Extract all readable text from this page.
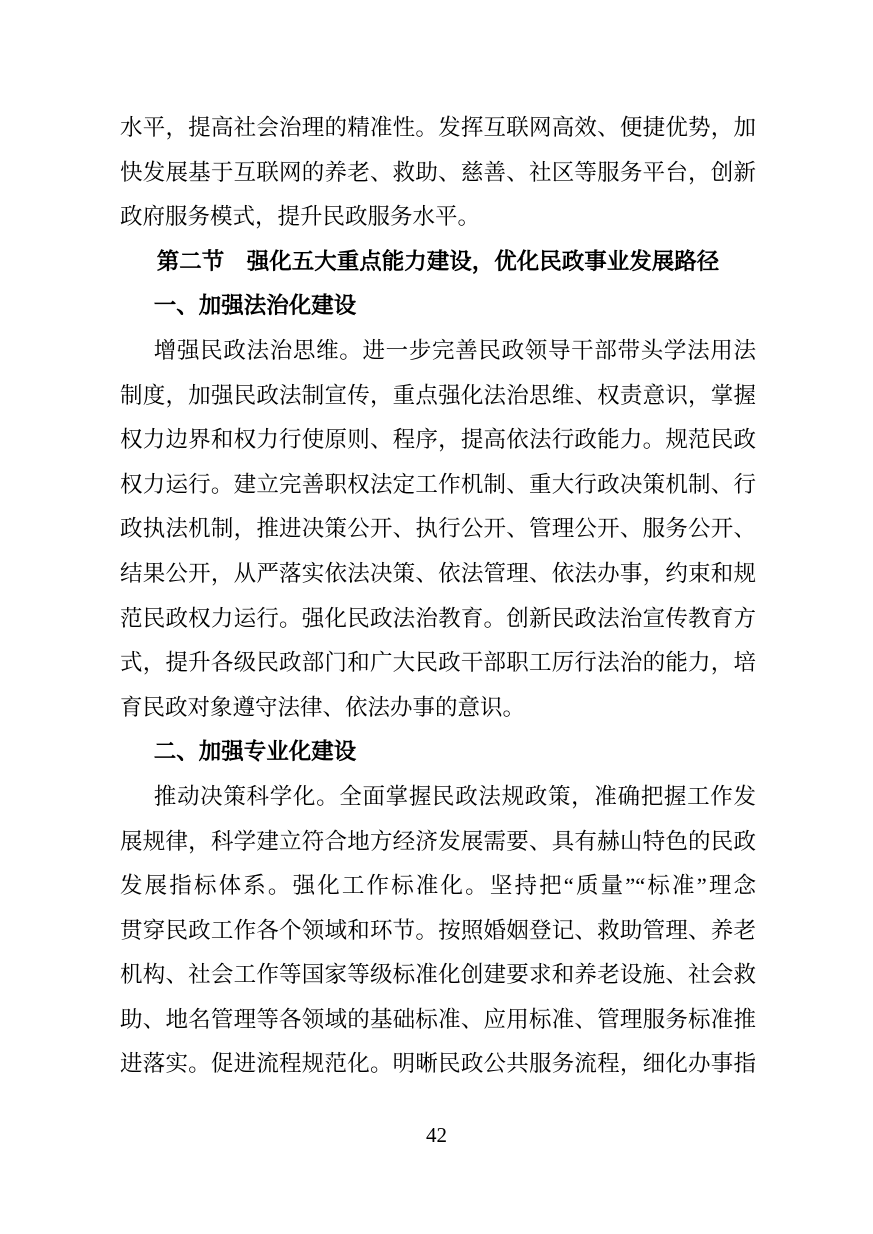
水平，提高社会治理的精准性。发挥互联网高效、便捷优势，加
快发展基于互联网的养老、救助、慈善、社区等服务平台，创新
政府服务模式，提升民政服务水平。
第二节　强化五大重点能力建设，优化民政事业发展路径
一、加强法治化建设
增强民政法治思维。进一步完善民政领导干部带头学法用法
制度，加强民政法制宣传，重点强化法治思维、权责意识，掌握
权力边界和权力行使原则、程序，提高依法行政能力。规范民政
权力运行。建立完善职权法定工作机制、重大行政决策机制、行
政执法机制，推进决策公开、执行公开、管理公开、服务公开、
结果公开，从严落实依法决策、依法管理、依法办事，约束和规
范民政权力运行。强化民政法治教育。创新民政法治宣传教育方
式，提升各级民政部门和广大民政干部职工厉行法治的能力，培
育民政对象遵守法律、依法办事的意识。
二、加强专业化建设
推动决策科学化。全面掌握民政法规政策，准确把握工作发
展规律，科学建立符合地方经济发展需要、具有赫山特色的民政
发展指标体系。强化工作标准化。坚持把“质量”“标准”理念
贯穿民政工作各个领域和环节。按照婚姻登记、救助管理、养老
机构、社会工作等国家等级标准化创建要求和养老设施、社会救
助、地名管理等各领域的基础标准、应用标准、管理服务标准推
进落实。促进流程规范化。明晰民政公共服务流程，细化办事指
42
